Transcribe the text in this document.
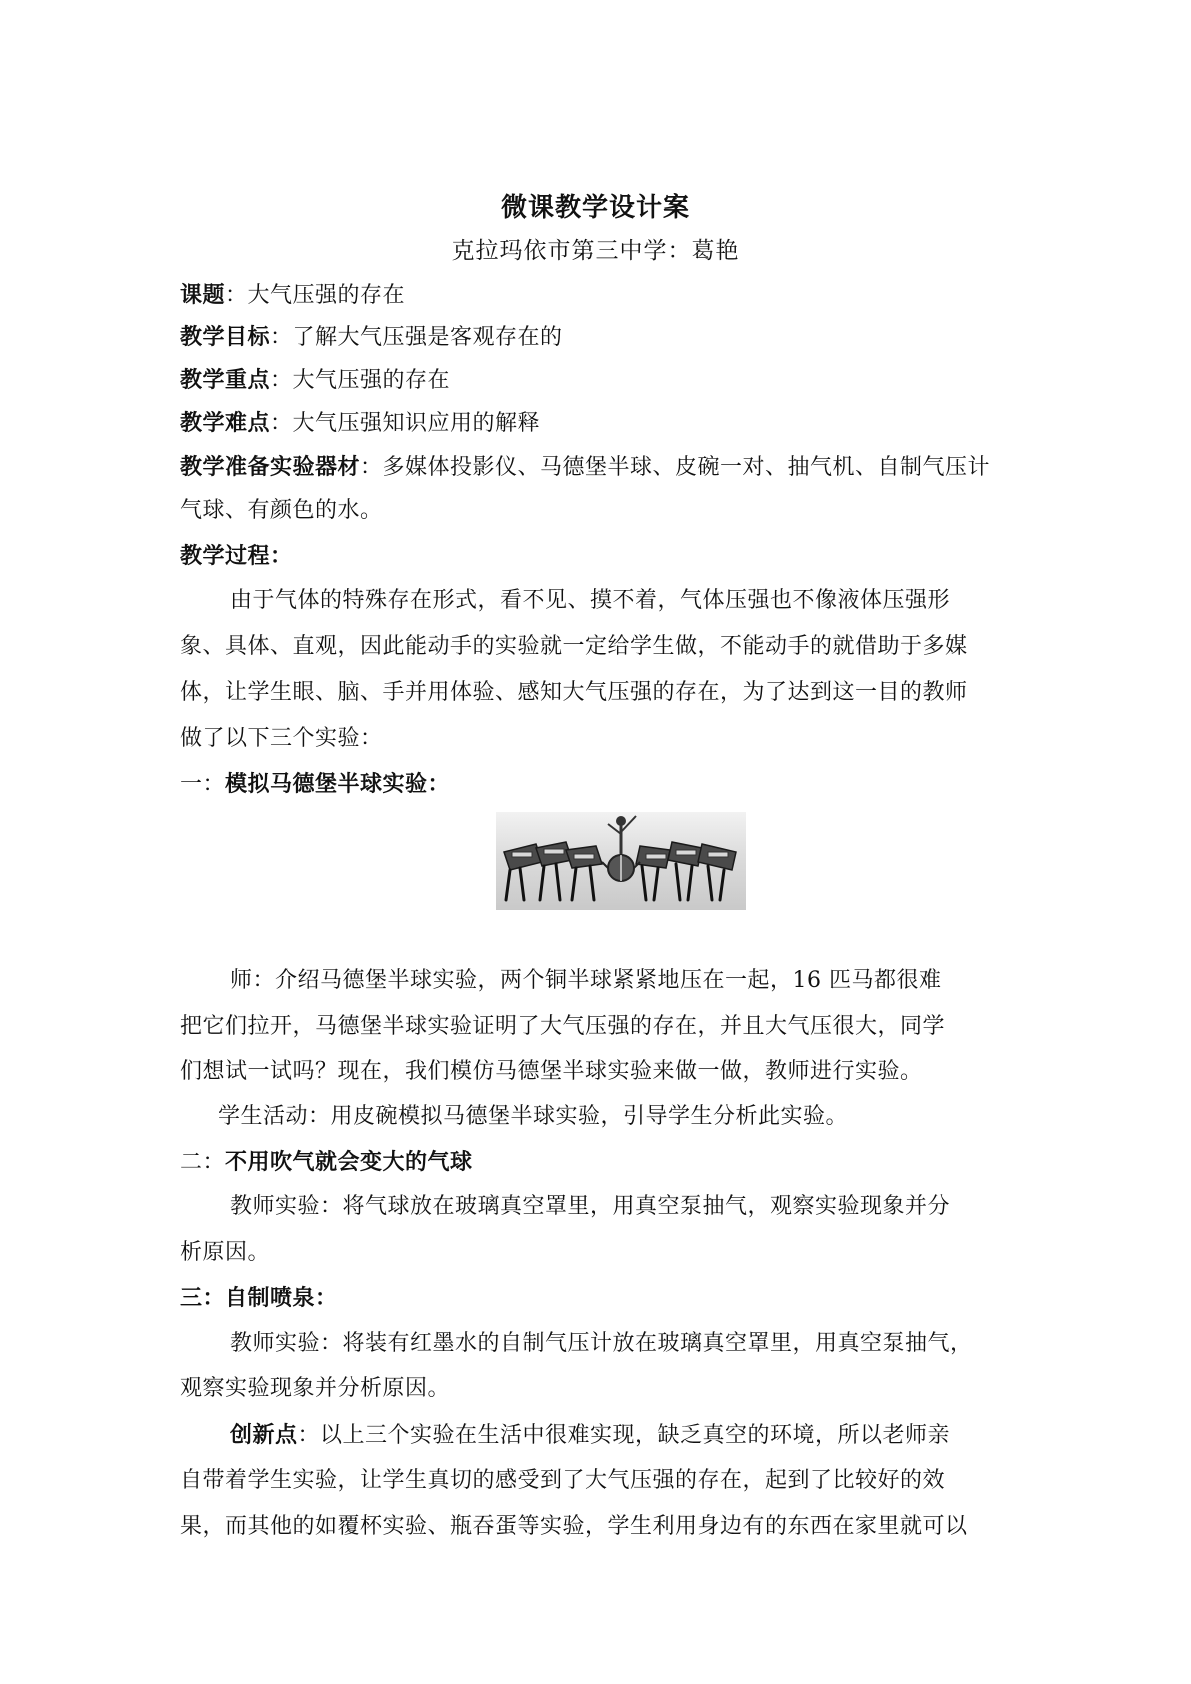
微课教学设计案
克拉玛依市第三中学：葛艳
课题：大气压强的存在
教学目标：了解大气压强是客观存在的
教学重点：大气压强的存在
教学难点：大气压强知识应用的解释
教学准备实验器材：多媒体投影仪、马德堡半球、皮碗一对、抽气机、自制气压计
气球、有颜色的水。
教学过程：
由于气体的特殊存在形式，看不见、摸不着，气体压强也不像液体压强形
象、具体、直观，因此能动手的实验就一定给学生做，不能动手的就借助于多媒
体，让学生眼、脑、手并用体验、感知大气压强的存在，为了达到这一目的教师
做了以下三个实验：
一：模拟马德堡半球实验：
师：介绍马德堡半球实验，两个铜半球紧紧地压在一起，16 匹马都很难
把它们拉开，马德堡半球实验证明了大气压强的存在，并且大气压很大，同学
们想试一试吗？现在，我们模仿马德堡半球实验来做一做，教师进行实验。
学生活动：用皮碗模拟马德堡半球实验，引导学生分析此实验。
二：不用吹气就会变大的气球
教师实验：将气球放在玻璃真空罩里，用真空泵抽气，观察实验现象并分
析原因。
三：自制喷泉：
教师实验：将装有红墨水的自制气压计放在玻璃真空罩里，用真空泵抽气，
观察实验现象并分析原因。
创新点：以上三个实验在生活中很难实现，缺乏真空的环境，所以老师亲
自带着学生实验，让学生真切的感受到了大气压强的存在，起到了比较好的效
果，而其他的如覆杯实验、瓶吞蛋等实验，学生利用身边有的东西在家里就可以
